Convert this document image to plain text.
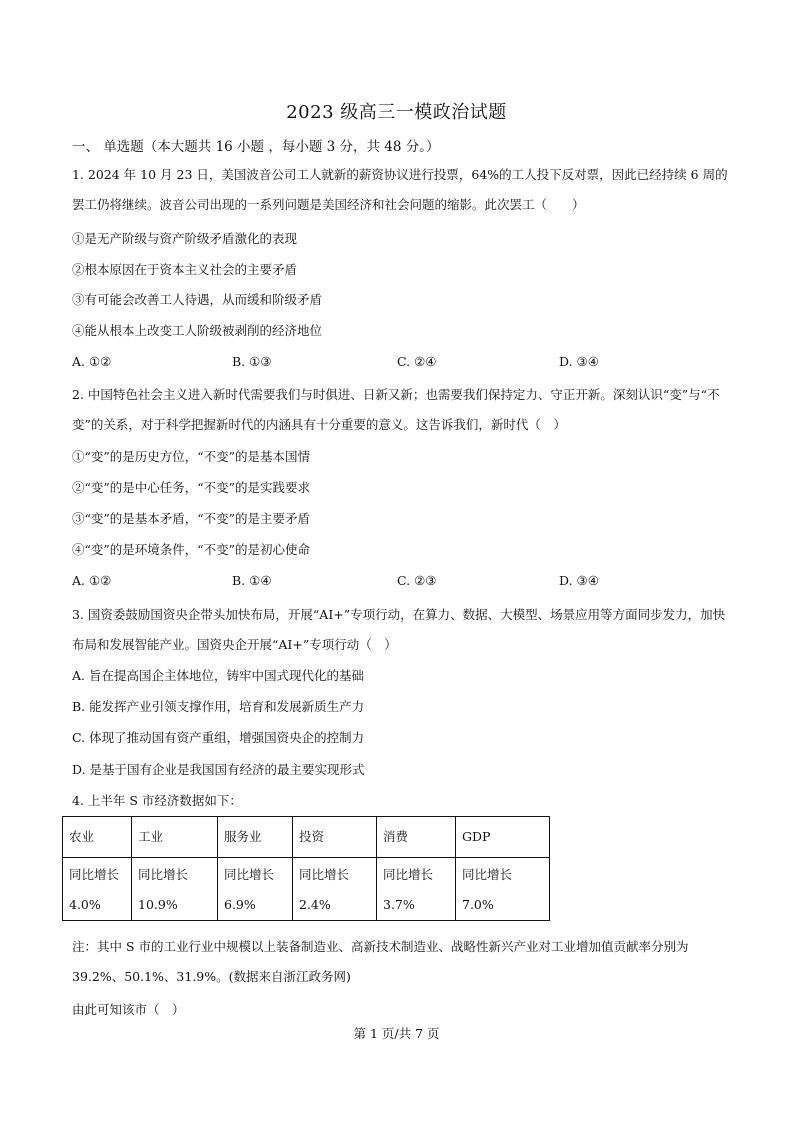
2023 级高三一模政治试题
一、 单选题（本大题共 16 小题 ，每小题 3 分，共 48 分。）
1. 2024 年 10 月 23 日，美国波音公司工人就新的薪资协议进行投票，64%的工人投下反对票，因此已经持续 6 周的罢工仍将继续。波音公司出现的一系列问题是美国经济和社会问题的缩影。此次罢工（　　）
①是无产阶级与资产阶级矛盾激化的表现
②根本原因在于资本主义社会的主要矛盾
③有可能会改善工人待遇，从而缓和阶级矛盾
④能从根本上改变工人阶级被剥削的经济地位
A. ①②	B. ①③	C. ②④	D. ③④
2. 中国特色社会主义进入新时代需要我们与时俱进、日新又新；也需要我们保持定力、守正开新。深刻认识“变”与“不变”的关系，对于科学把握新时代的内涵具有十分重要的意义。这告诉我们，新时代（　）
①“变”的是历史方位，“不变”的是基本国情
②“变”的是中心任务，“不变”的是实践要求
③“变”的是基本矛盾，“不变”的是主要矛盾
④“变”的是环境条件，“不变”的是初心使命
A. ①②	B. ①④	C. ②③	D. ③④
3. 国资委鼓励国资央企带头加快布局，开展“AI+”专项行动，在算力、数据、大模型、场景应用等方面同步发力，加快布局和发展智能产业。国资央企开展“AI+”专项行动（　）
A. 旨在提高国企主体地位，铸牢中国式现代化的基础
B. 能发挥产业引领支撑作用，培育和发展新质生产力
C. 体现了推动国有资产重组，增强国资央企的控制力
D. 是基于国有企业是我国国有经济的最主要实现形式
4. 上半年 S 市经济数据如下：
农业	工业	服务业	投资	消费	GDP
同比增长 4.0%	同比增长 10.9%	同比增长 6.9%	同比增长 2.4%	同比增长 3.7%	同比增长 7.0%
注：其中 S 市的工业行业中规模以上装备制造业、高新技术制造业、战略性新兴产业对工业增加值贡献率分别为 39.2%、50.1%、31.9%。(数据来自浙江政务网)
由此可知该市（　）
第 1 页/共 7 页
